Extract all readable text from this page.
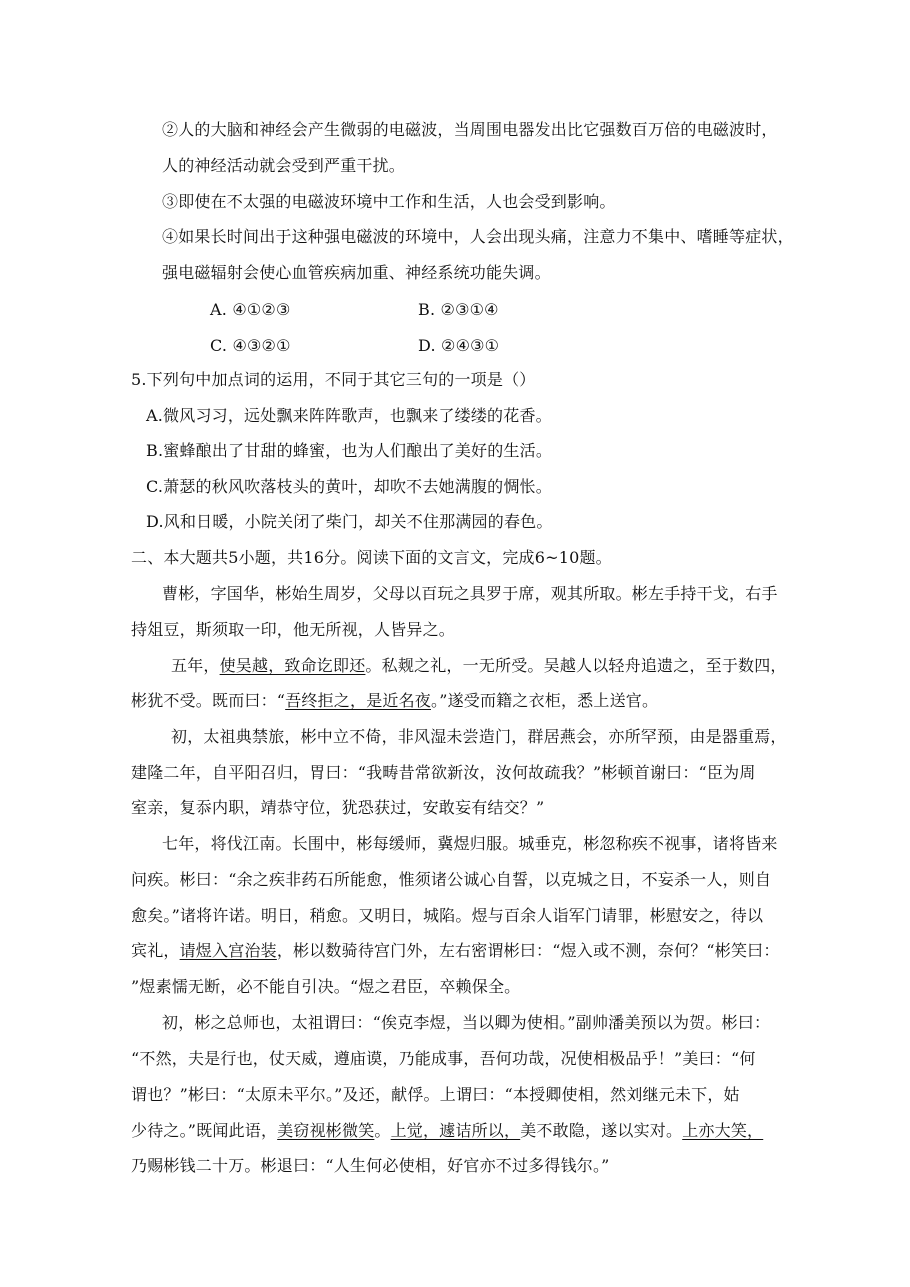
②人的大脑和神经会产生微弱的电磁波，当周围电器发出比它强数百万倍的电磁波时，
人的神经活动就会受到严重干扰。
③即使在不太强的电磁波环境中工作和生活，人也会受到影响。
④如果长时间出于这种强电磁波的环境中，人会出现头痛，注意力不集中、嗜睡等症状，
强电磁辐射会使心血管疾病加重、神经系统功能失调。
A. ④①②③	B. ②③①④
C. ④③②①	D. ②④③①
5.下列句中加点词的运用，不同于其它三句的一项是（）
A.微风习习，远处飘来阵阵歌声，也飘来了缕缕的花香。
B.蜜蜂酿出了甘甜的蜂蜜，也为人们酿出了美好的生活。
C.萧瑟的秋风吹落枝头的黄叶，却吹不去她满腹的惆怅。
D.风和日暖，小院关闭了柴门，却关不住那满园的春色。
二、本大题共5小题，共16分。阅读下面的文言文，完成6~10题。
曹彬，字国华，彬始生周岁，父母以百玩之具罗于席，观其所取。彬左手持干戈，右手
持俎豆，斯须取一印，他无所视，人皆异之。
五年，使吴越，致命讫即还。私觌之礼，一无所受。吴越人以轻舟追遗之，至于数四，
彬犹不受。既而曰：“吾终拒之，是近名夜。”遂受而籍之衣柜，悉上送官。
初，太祖典禁旅，彬中立不倚，非风湿未尝造门，群居燕会，亦所罕预，由是器重焉，
建隆二年，自平阳召归，胃曰：“我畴昔常欲新汝，汝何故疏我？”彬顿首谢曰：“臣为周
室亲，复忝内职，靖恭守位，犹恐获过，安敢妄有结交？”
七年，将伐江南。长围中，彬每缓师，冀煜归服。城垂克，彬忽称疾不视事，诸将皆来
问疾。彬曰：“余之疾非药石所能愈，惟须诸公诚心自誓，以克城之日，不妄杀一人，则自
愈矣。”诸将许诺。明日，稍愈。又明日，城陷。煜与百余人诣军门请罪，彬慰安之，待以
宾礼，请煜入宫治装，彬以数骑待宫门外，左右密谓彬曰：“煜入或不测，奈何？“彬笑曰：
”煜素懦无断，必不能自引决。“煜之君臣，卒赖保全。
初，彬之总师也，太祖谓曰：“俟克李煜，当以卿为使相。”副帅潘美预以为贺。彬曰：
“不然，夫是行也，仗天威，遵庙谟，乃能成事，吾何功哉，况使相极品乎！”美曰：“何
谓也？”彬曰：“太原未平尔。”及还，献俘。上谓曰：“本授卿使相，然刘继元未下，姑
少待之。”既闻此语，美窃视彬微笑。上觉，遽诘所以，美不敢隐，遂以实对。上亦大笑，
乃赐彬钱二十万。彬退曰：“人生何必使相，好官亦不过多得钱尔。”
